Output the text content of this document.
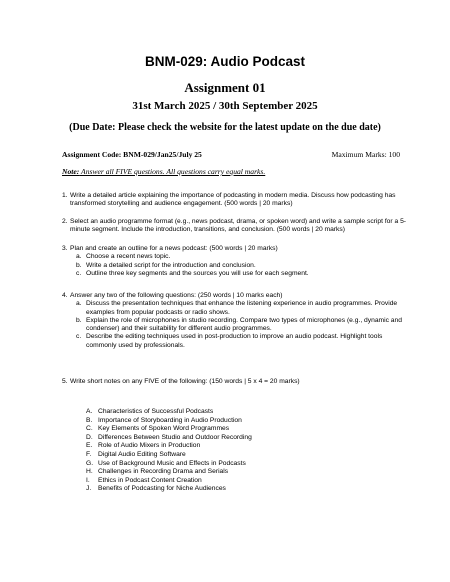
BNM-029: Audio Podcast
Assignment 01
31st March 2025 / 30th September 2025
(Due Date: Please check the website for the latest update on the due date)
Assignment Code: BNM-029/Jan25/July 25	Maximum Marks: 100
Note: Answer all FIVE questions. All questions carry equal marks.
1. Write a detailed article explaining the importance of podcasting in modern media. Discuss how podcasting has transformed storytelling and audience engagement. (500 words | 20 marks)
2. Select an audio programme format (e.g., news podcast, drama, or spoken word) and write a sample script for a 5-minute segment. Include the introduction, transitions, and conclusion. (500 words | 20 marks)
3. Plan and create an outline for a news podcast: (500 words | 20 marks)
a. Choose a recent news topic.
b. Write a detailed script for the introduction and conclusion.
c. Outline three key segments and the sources you will use for each segment.
4. Answer any two of the following questions: (250 words | 10 marks each)
a. Discuss the presentation techniques that enhance the listening experience in audio programmes. Provide examples from popular podcasts or radio shows.
b. Explain the role of microphones in studio recording. Compare two types of microphones (e.g., dynamic and condenser) and their suitability for different audio programmes.
c. Describe the editing techniques used in post-production to improve an audio podcast. Highlight tools commonly used by professionals.
5. Write short notes on any FIVE of the following: (150 words | 5 x 4 = 20 marks)
A. Characteristics of Successful Podcasts
B. Importance of Storyboarding in Audio Production
C. Key Elements of Spoken Word Programmes
D. Differences Between Studio and Outdoor Recording
E. Role of Audio Mixers in Production
F. Digital Audio Editing Software
G. Use of Background Music and Effects in Podcasts
H. Challenges in Recording Drama and Serials
I. Ethics in Podcast Content Creation
J. Benefits of Podcasting for Niche Audiences
